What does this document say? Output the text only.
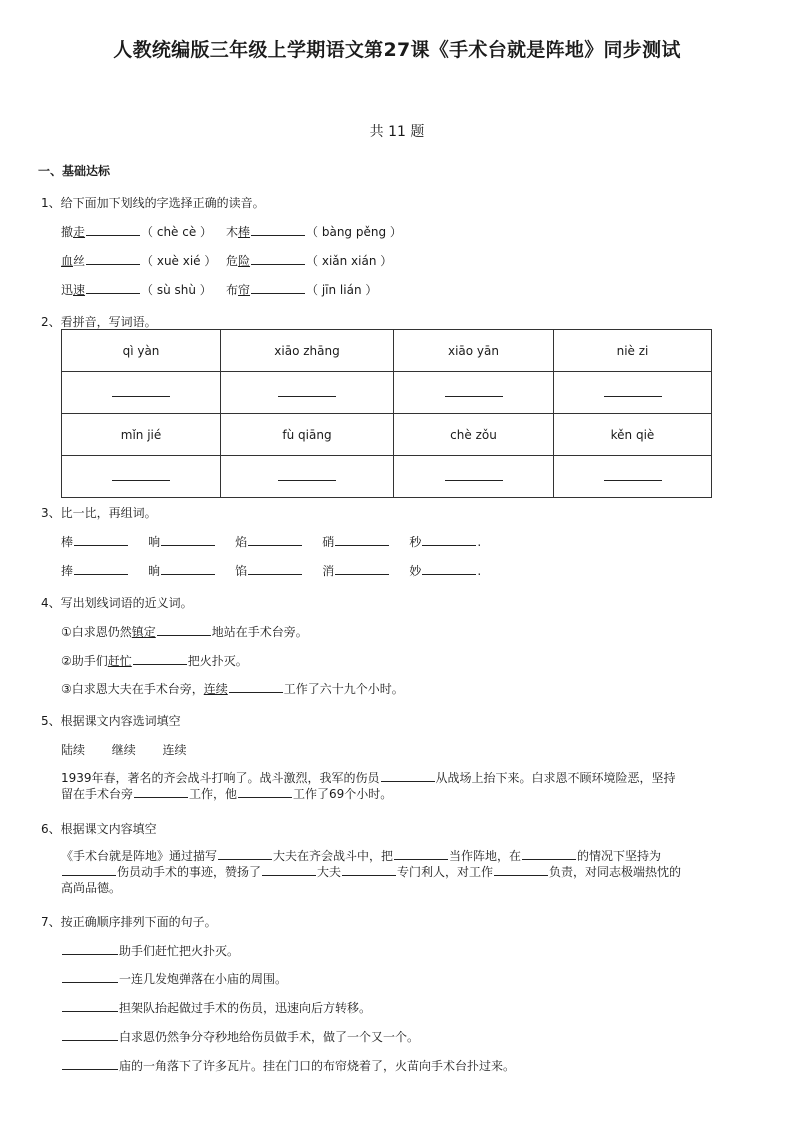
人教统编版三年级上学期语文第27课《手术台就是阵地》同步测试
共 11 题
一、基础达标
1、给下面加下划线的字选择正确的读音。
撤走	（ chè cè ） 木棒	（ bàng pěng ）
血丝	（ xuè xié ） 危险	（ xiǎn xián ）
迅速	（ sù shù ） 布帘	（ jīn lián ）
2、看拼音，写词语。
qì yàn	xiāo zhāng	xiāo yān	niè zi

mǐn jié	fù qiāng	chè zǒu	kěn qiè

3、比一比，再组词。
棒	响	焰	硝	秒	.
捧	晌	馅	消	妙	.
4、写出划线词语的近义词。
①白求恩仍然镇定	地站在手术台旁。
②助手们赶忙	把火扑灭。
③白求恩大夫在手术台旁，连续	工作了六十九个小时。
5、根据课文内容选词填空
陆续 继续 连续
1939年春，著名的齐会战斗打响了。战斗激烈，我军的伤员	从战场上抬下来。白求恩不顾环境险恶，坚持
留在手术台旁	工作，他	工作了69个小时。
6、根据课文内容填空
《手术台就是阵地》通过描写	大夫在齐会战斗中，把	当作阵地，在	的情况下坚持为
伤员动手术的事迹，赞扬了	大夫	专门利人，对工作	负责，对同志极端热忱的
高尚品德。
7、按正确顺序排列下面的句子。
助手们赶忙把火扑灭。
一连几发炮弹落在小庙的周围。
担架队抬起做过手术的伤员，迅速向后方转移。
白求恩仍然争分夺秒地给伤员做手术，做了一个又一个。
庙的一角落下了许多瓦片。挂在门口的布帘烧着了，火苗向手术台扑过来。
